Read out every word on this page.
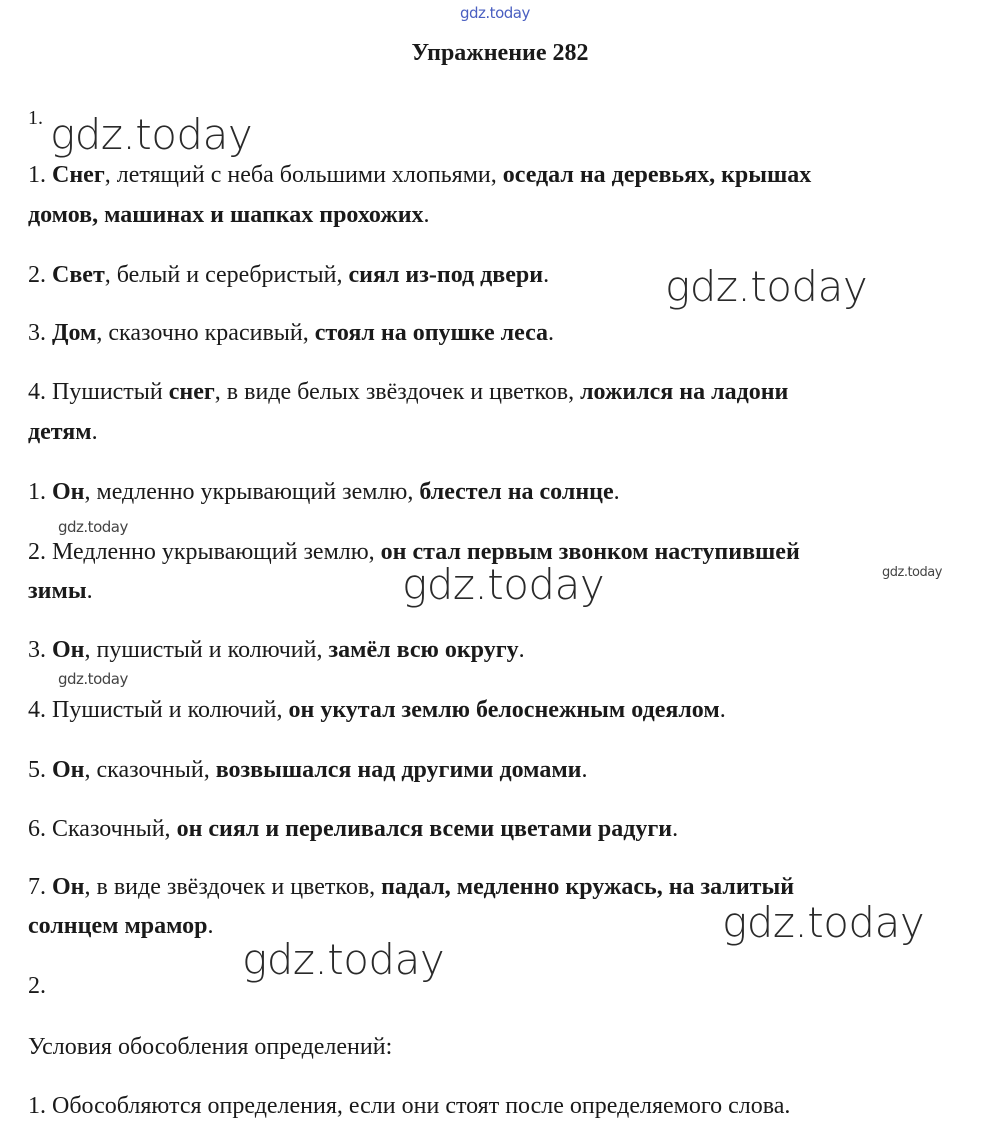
gdz.today
gdz.today
gdz.today
gdz.today
gdz.today
gdz.today
gdz.today
gdz.today
gdz.today
Упражнение 282
1.
1. Снег, летящий с неба большими хлопьями, оседал на деревьях, крышах
домов, машинах и шапках прохожих.
2. Свет, белый и серебристый, сиял из-под двери.
3. Дом, сказочно красивый, стоял на опушке леса.
4. Пушистый снег, в виде белых звёздочек и цветков, ложился на ладони
детям.
1. Он, медленно укрывающий землю, блестел на солнце.
2. Медленно укрывающий землю, он стал первым звонком наступившей
зимы.
3. Он, пушистый и колючий, замёл всю округу.
4. Пушистый и колючий, он укутал землю белоснежным одеялом.
5. Он, сказочный, возвышался над другими домами.
6. Сказочный, он сиял и переливался всеми цветами радуги.
7. Он, в виде звёздочек и цветков, падал, медленно кружась, на залитый
солнцем мрамор.
2.
Условия обособления определений:
1. Обособляются определения, если они стоят после определяемого слова.
